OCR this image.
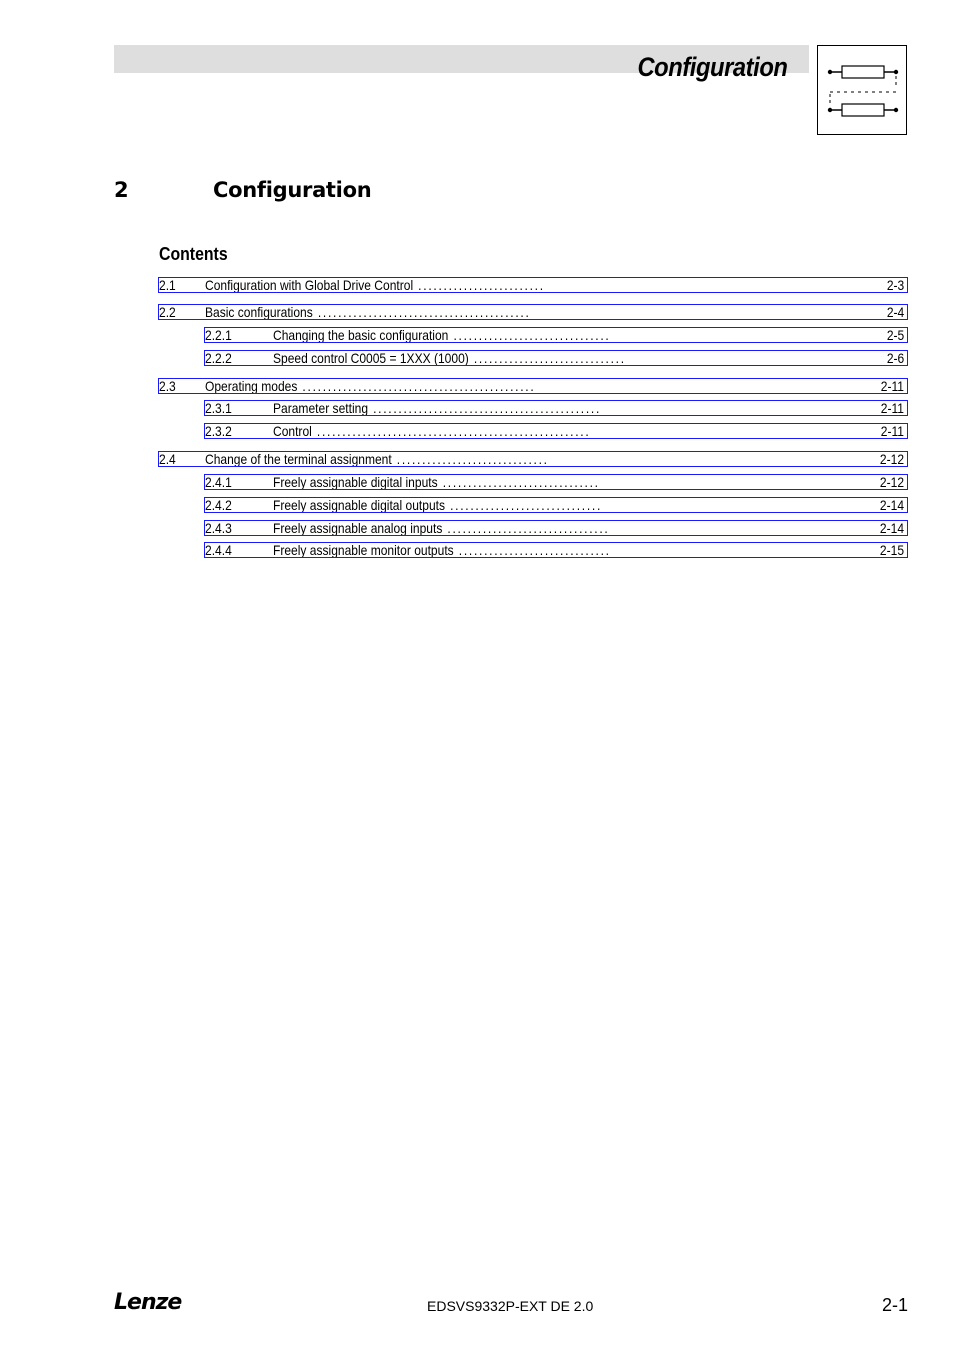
Configuration
2	Configuration
Contents
2.1 Configuration with Global Drive Control .........................	2-3
2.2 Basic configurations ..........................................	2-4
2.2.1	Changing the basic configuration ...............................	2-5
2.2.2	Speed control C0005 = 1XXX (1000) ..............................	2-6
2.3 Operating modes ..............................................	2-11
2.3.1	Parameter setting .............................................	2-11
2.3.2	Control ......................................................	2-11
2.4 Change of the terminal assignment ..............................	2-12
2.4.1	Freely assignable digital inputs ...............................	2-12
2.4.2	Freely assignable digital outputs ..............................	2-14
2.4.3	Freely assignable analog inputs ................................	2-14
2.4.4	Freely assignable monitor outputs ..............................	2-15
Lenze	EDSVS9332P-EXT DE 2.0	2-1
